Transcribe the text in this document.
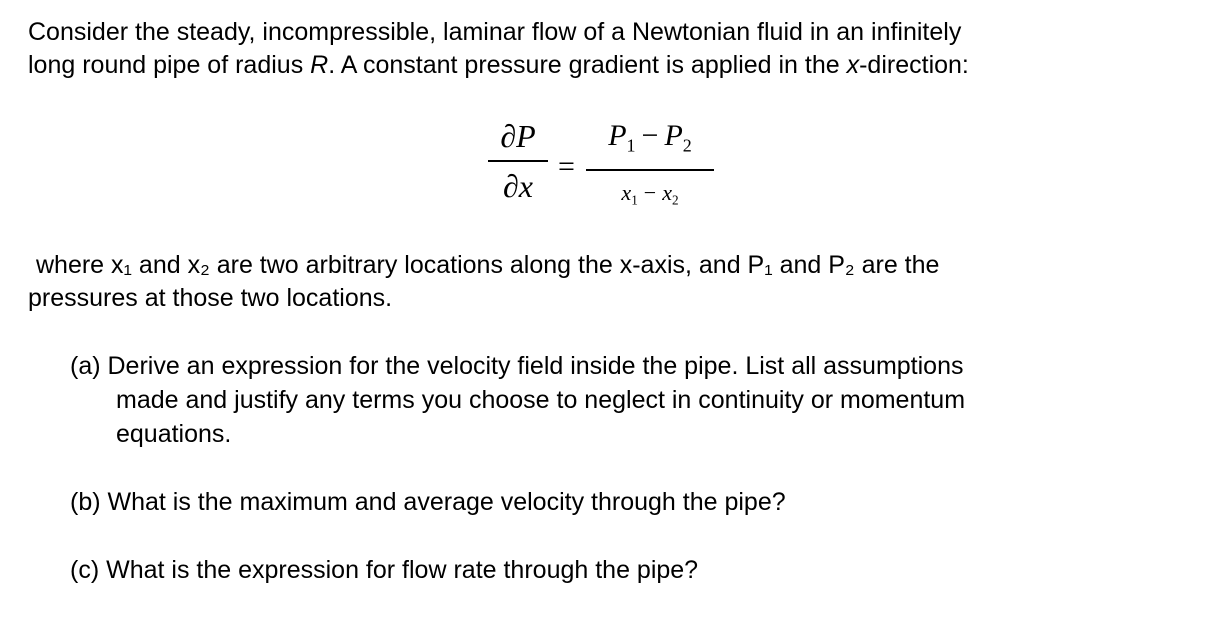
Consider the steady, incompressible, laminar flow of a Newtonian fluid in an infinitely
long round pipe of radius R. A constant pressure gradient is applied in the x-direction:
∂P
∂x
=
$P_1 - P_2$
$x_1 - x_2$
where x₁ and x₂ are two arbitrary locations along the x-axis, and P₁ and P₂ are the
pressures at those two locations.
(a) Derive an expression for the velocity field inside the pipe. List all assumptions
made and justify any terms you choose to neglect in continuity or momentum
equations.
(b) What is the maximum and average velocity through the pipe?
(c) What is the expression for flow rate through the pipe?
